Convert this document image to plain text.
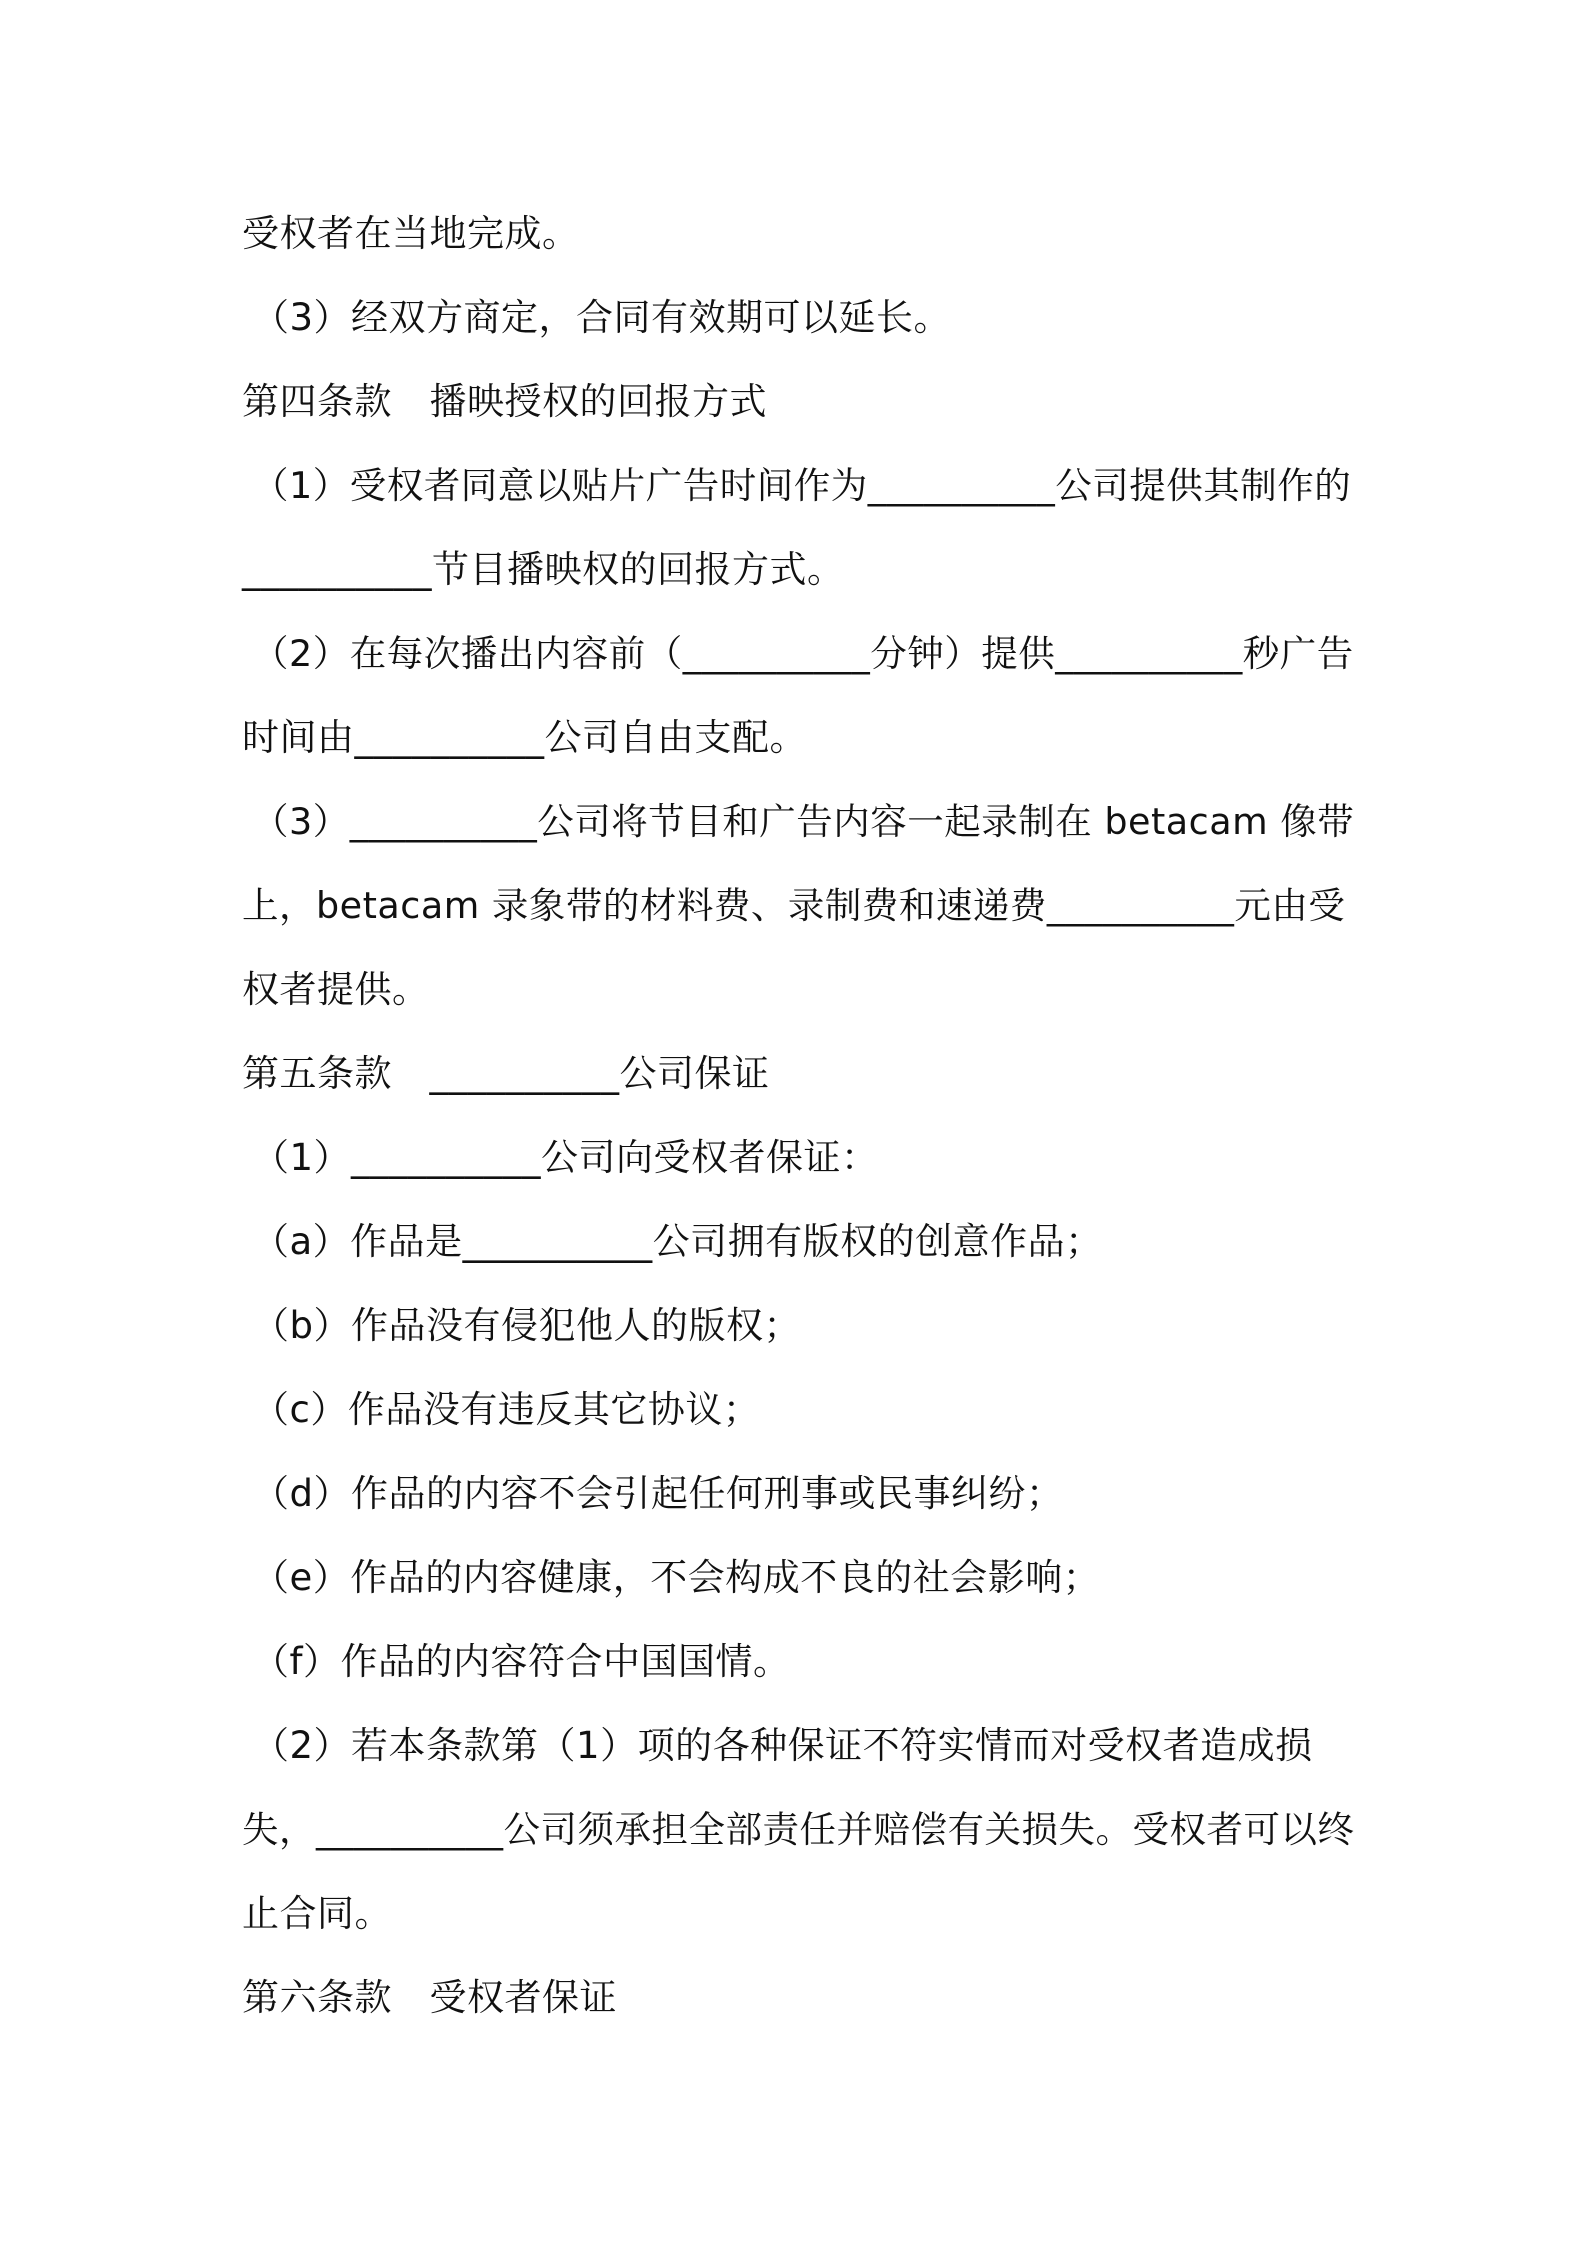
受权者在当地完成。
（3）经双方商定，合同有效期可以延长。
第四条款　播映授权的回报方式
（1）受权者同意以贴片广告时间作为__________公司提供其制作的
__________节目播映权的回报方式。
（2）在每次播出内容前（__________分钟）提供__________秒广告
时间由__________公司自由支配。
（3）__________公司将节目和广告内容一起录制在 betacam 像带
上，betacam 录象带的材料费、录制费和速递费__________元由受
权者提供。
第五条款　__________公司保证
（1）__________公司向受权者保证：
（a）作品是__________公司拥有版权的创意作品；
（b）作品没有侵犯他人的版权；
（c）作品没有违反其它协议；
（d）作品的内容不会引起任何刑事或民事纠纷；
（e）作品的内容健康，不会构成不良的社会影响；
（f）作品的内容符合中国国情。
（2）若本条款第（1）项的各种保证不符实情而对受权者造成损
失，__________公司须承担全部责任并赔偿有关损失。受权者可以终
止合同。
第六条款　受权者保证
